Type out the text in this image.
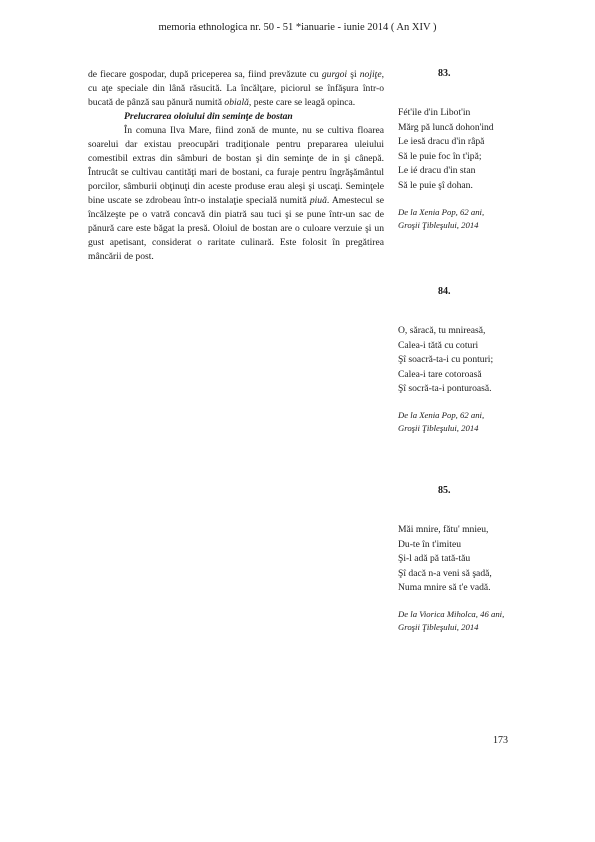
memoria ethnologica nr. 50 - 51 *ianuarie - iunie 2014 ( An XIV )

de fiecare gospodar, după priceperea sa, fiind prevăzute cu gurgoi şi nojiţe, cu aţe speciale din lână răsucită. La încălţare, piciorul se înfăşura într-o bucată de pânză sau pănură numită obială, peste care se leagă opinca.

Prelucrarea oloiului din seminţe de bostan

În comuna Ilva Mare, fiind zonă de munte, nu se cultiva floarea soarelui dar existau preocupări tradiţionale pentru prepararea uleiului comestibil extras din sâmburi de bostan şi din seminţe de in şi cânepă. Întrucât se cultivau cantităţi mari de bostani, ca furaje pentru îngrăşământul porcilor, sâmburii obţinuţi din aceste produse erau aleşi şi uscaţi. Seminţele bine uscate se zdrobeau într-o instalaţie specială numită piuă. Amestecul se încălzeşte pe o vatră concavă din piatră sau tuci şi se pune într-un sac de pănură care este băgat la presă. Oloiul de bostan are o culoare verzuie şi un gust apetisant, considerat o raritate culinară. Este folosit în pregătirea mâncării de post.

83.
Fét'ile d'in Libot'in
Mărg pă luncă dohon'ind
Le iesă dracu d'in râpă
Să le puie foc în t'ipă;
Le ié dracu d'in stan
Să le puie şî dohan.
De la Xenia Pop, 62 ani,
Groşii Ţibleşului, 2014
84.
O, săracă, tu mnireasă,
Calea-i tătă cu coturi
Şî soacră-ta-i cu ponturi;
Calea-i tare cotoroasă
Şî socră-ta-i ponturoasă.
De la Xenia Pop, 62 ani,
Groşii Ţibleşului, 2014
85.
Măi mnire, fătu' mnieu,
Du-te în t'imiteu
Şi-l adă pă tată-tău
Şî dacă n-a veni să şadă,
Numa mnire să t'e vadă.
De la Viorica Miholca, 46 ani,
Groşii Ţibleşului, 2014
173
